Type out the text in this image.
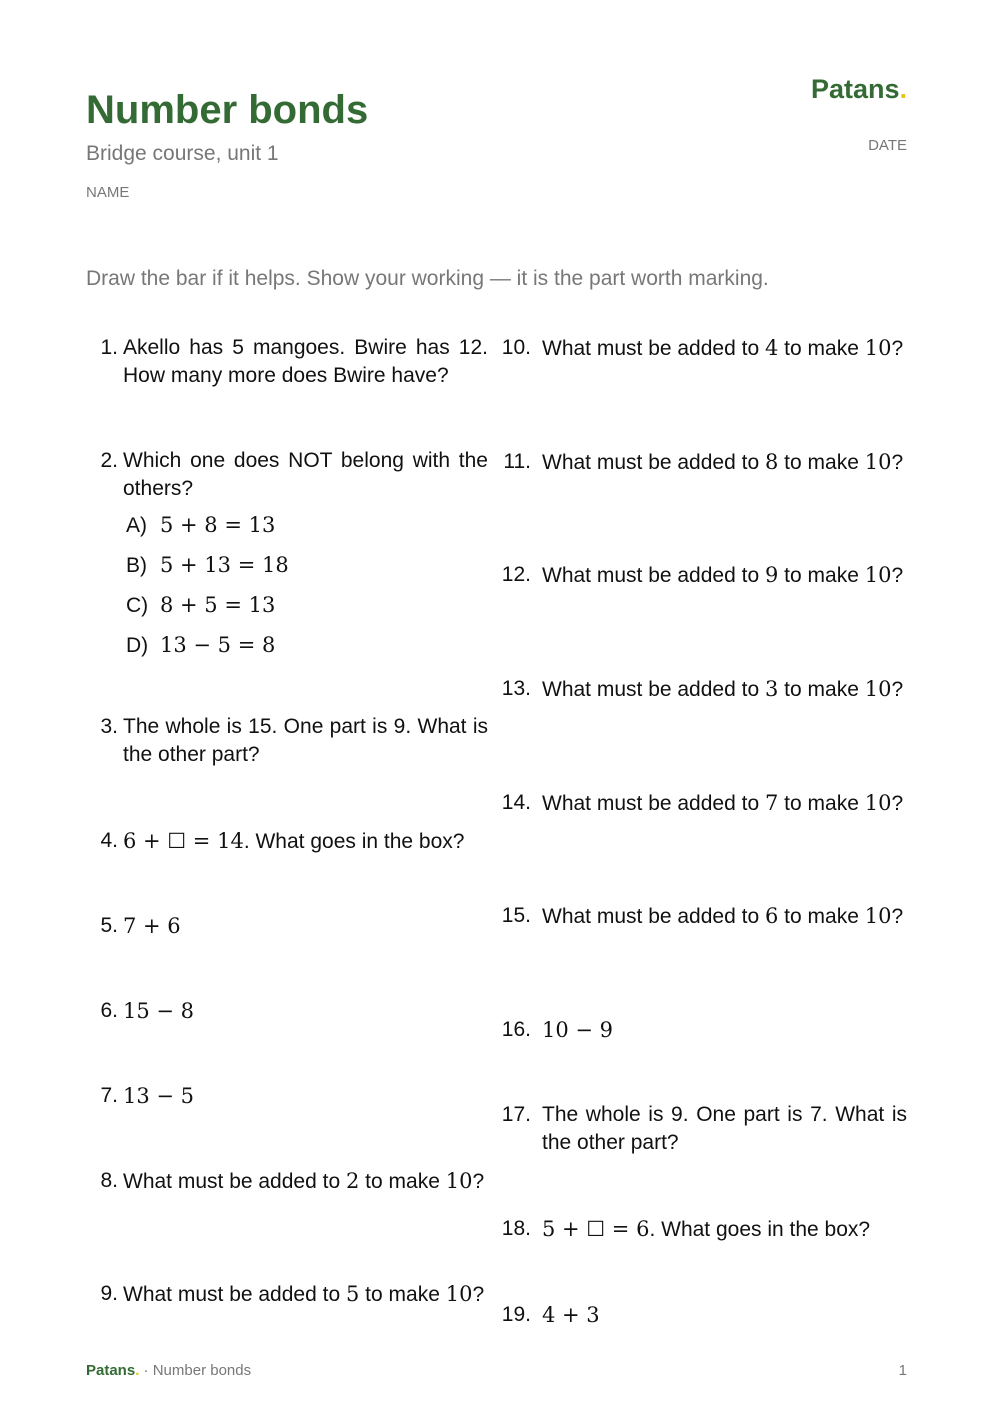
Patans.
Number bonds
Bridge course, unit 1
NAME
DATE
Draw the bar if it helps. Show your working — it is the part worth marking.
1. Akello has 5 mangoes. Bwire has 12. How many more does Bwire have?
2. Which one does NOT belong with the others?
A) 5 + 8 = 13
B) 5 + 13 = 18
C) 8 + 5 = 13
D) 13 − 5 = 8
3. The whole is 15. One part is 9. What is the other part?
4. 6 + ☐ = 14. What goes in the box?
5. 7 + 6
6. 15 − 8
7. 13 − 5
8. What must be added to 2 to make 10?
9. What must be added to 5 to make 10?
10. What must be added to 4 to make 10?
11. What must be added to 8 to make 10?
12. What must be added to 9 to make 10?
13. What must be added to 3 to make 10?
14. What must be added to 7 to make 10?
15. What must be added to 6 to make 10?
16. 10 − 9
17. The whole is 9. One part is 7. What is the other part?
18. 5 + ☐ = 6. What goes in the box?
19. 4 + 3
Patans. · Number bonds	1
